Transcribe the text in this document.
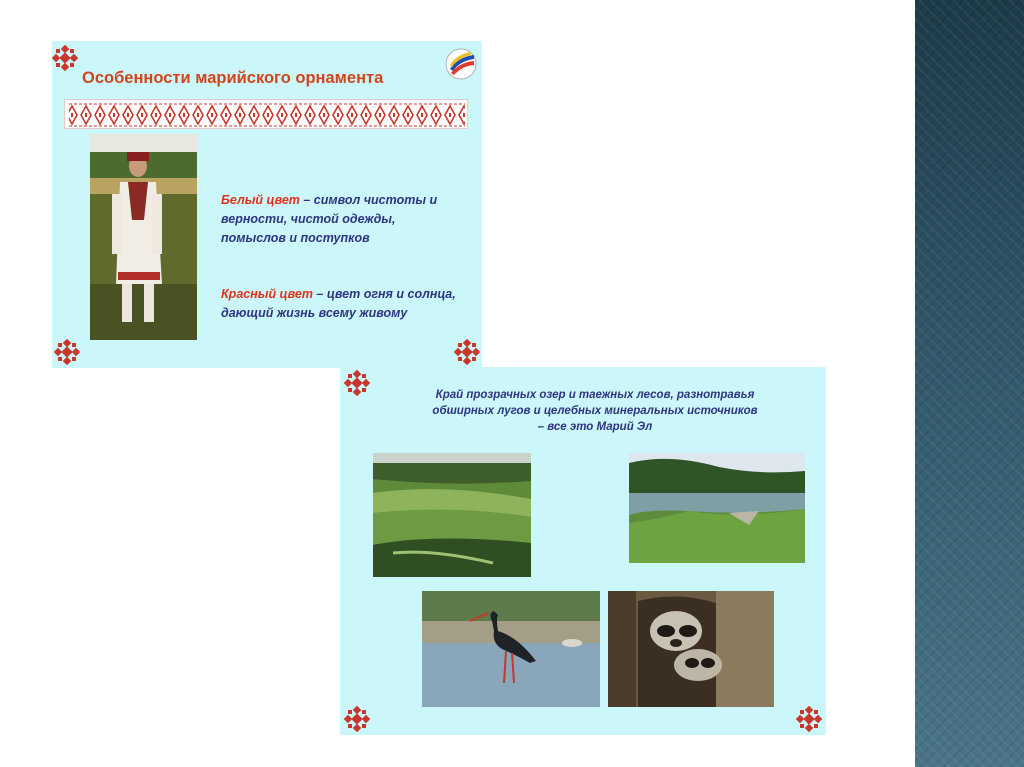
Особенности марийского орнамента
Белый цвет – символ чистоты и верности, чистой одежды, помыслов и поступков
Красный цвет – цвет огня и солнца, дающий жизнь всему живому
Край прозрачных озер и таежных лесов, разнотравья обширных лугов и целебных минеральных источников – все это Марий Эл
